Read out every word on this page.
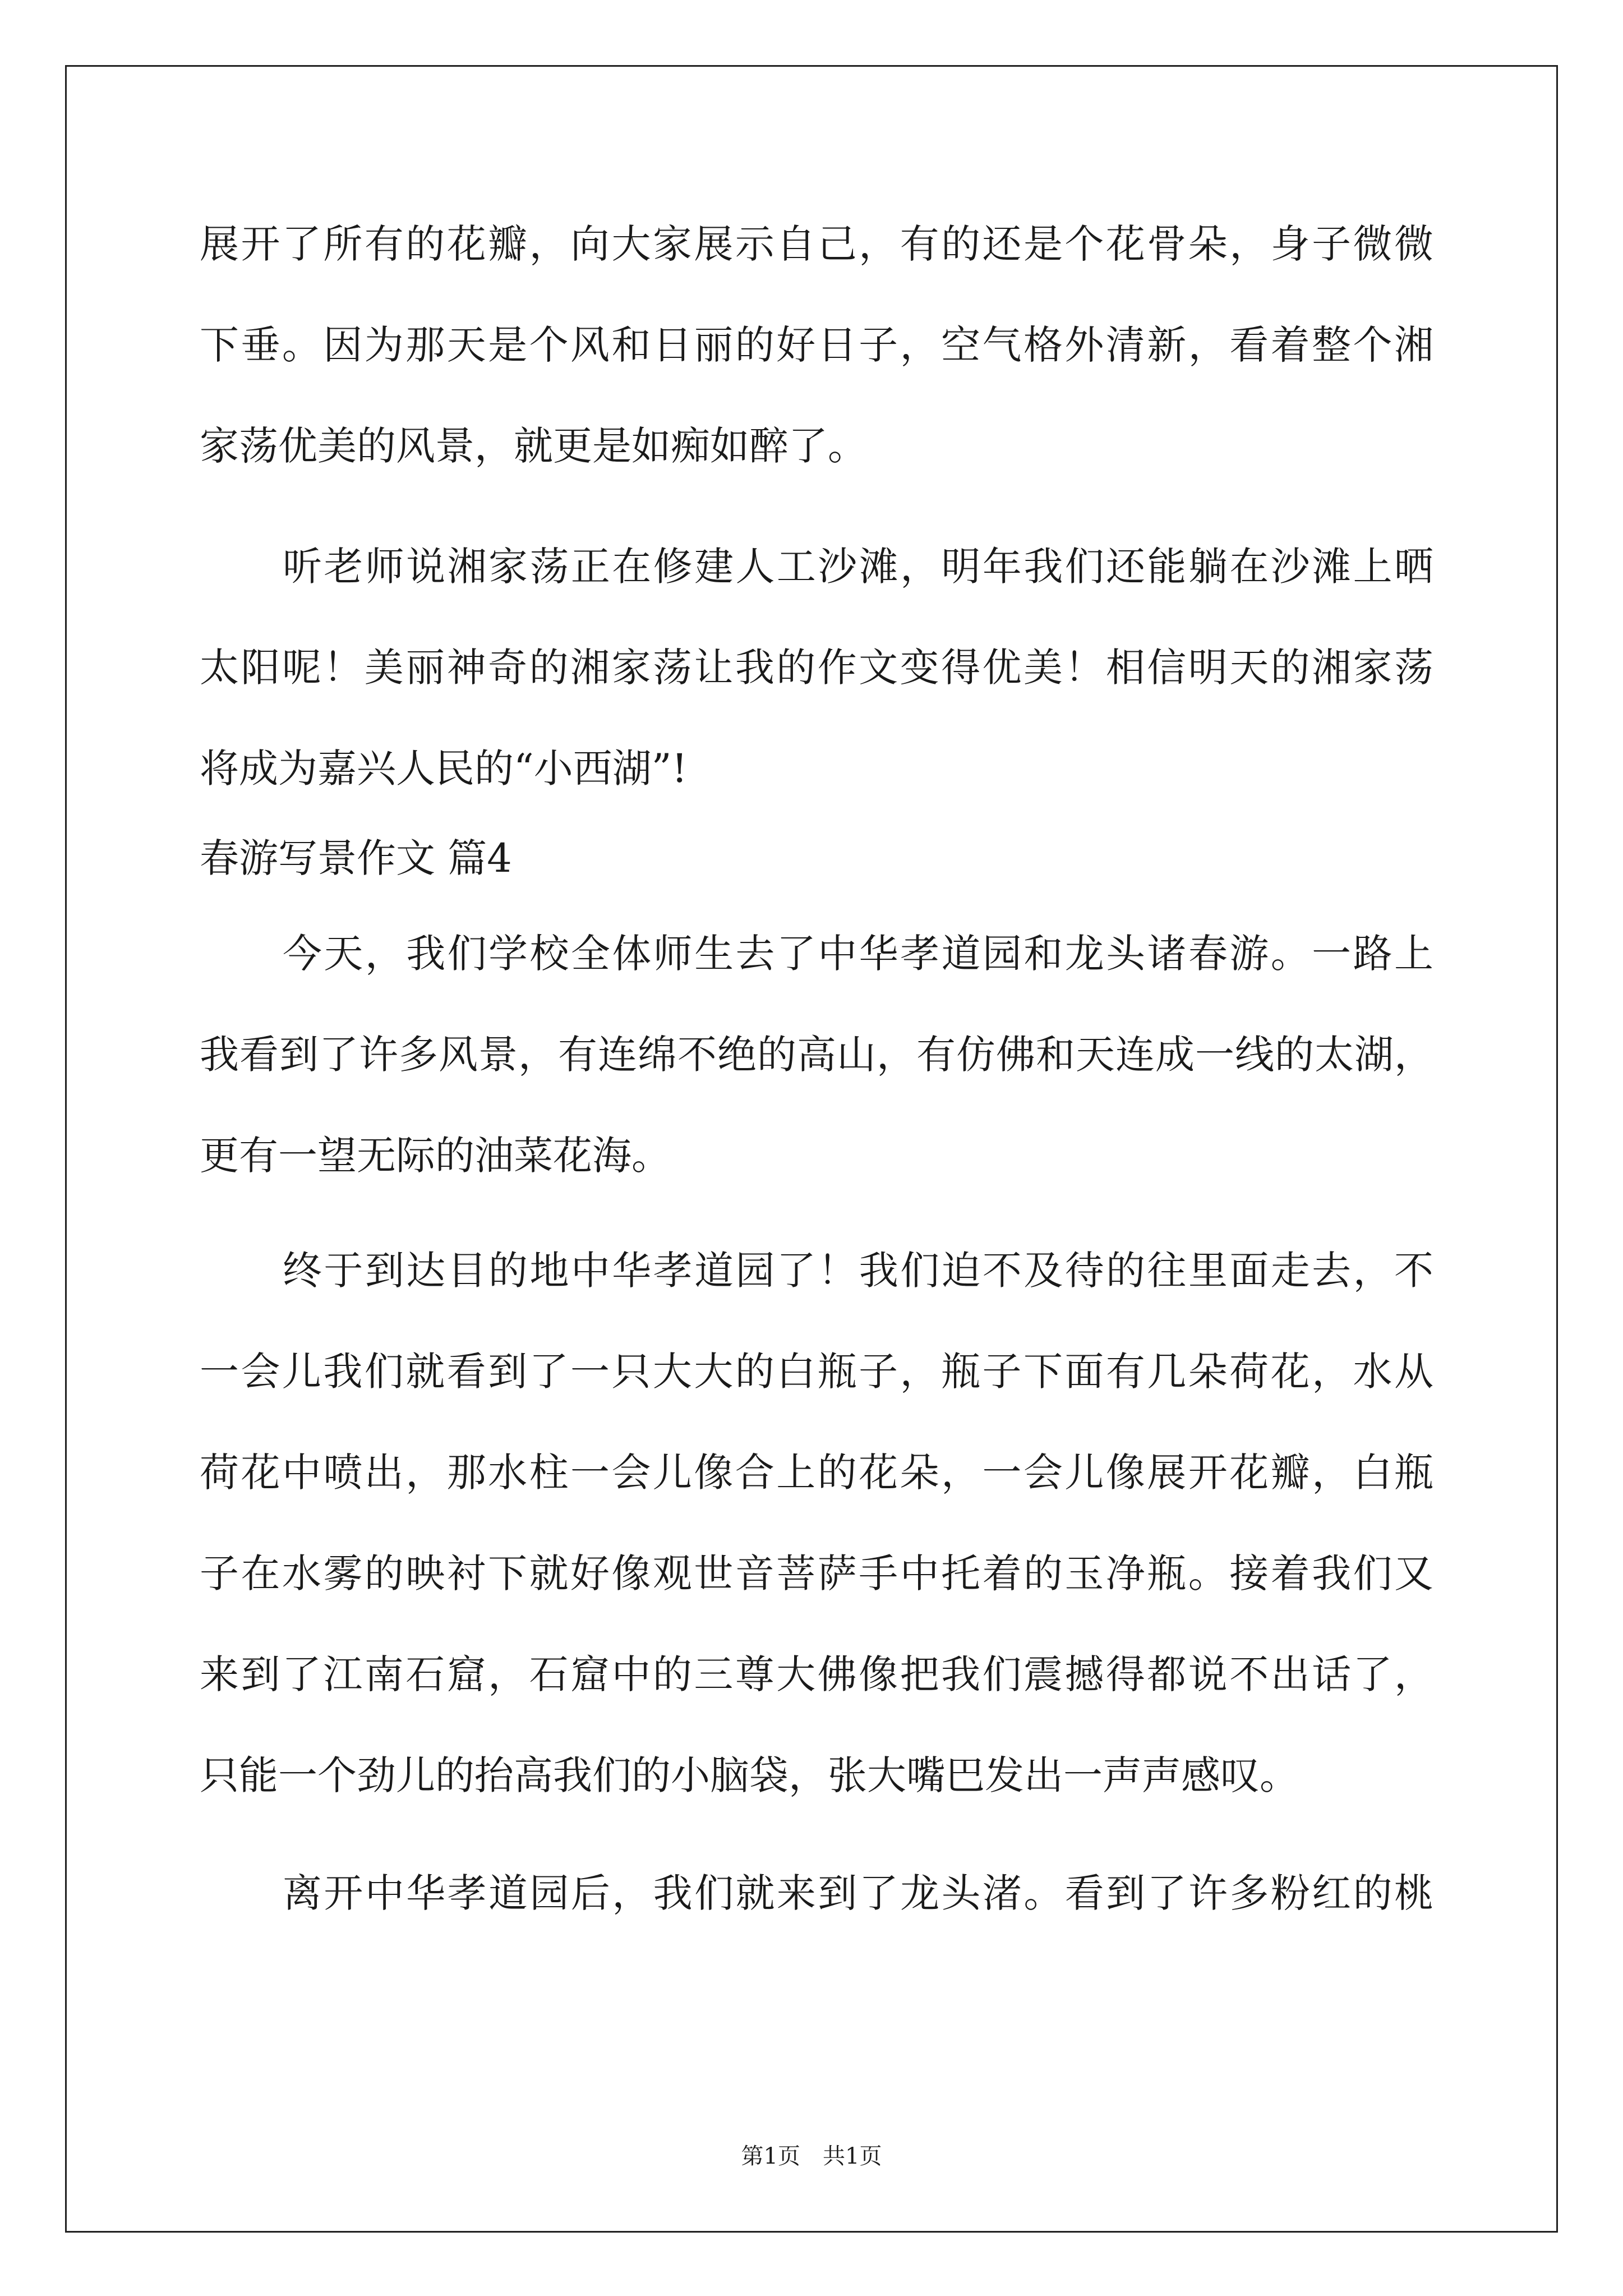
展开了所有的花瓣，向大家展示自己，有的还是个花骨朵，身子微微
下垂。因为那天是个风和日丽的好日子，空气格外清新，看着整个湘
家荡优美的风景，就更是如痴如醉了。
听老师说湘家荡正在修建人工沙滩，明年我们还能躺在沙滩上晒
太阳呢！美丽神奇的湘家荡让我的作文变得优美！相信明天的湘家荡
将成为嘉兴人民的“小西湖”!
春游写景作文 篇4
今天，我们学校全体师生去了中华孝道园和龙头诸春游。一路上
我看到了许多风景，有连绵不绝的高山，有仿佛和天连成一线的太湖，
更有一望无际的油菜花海。
终于到达目的地中华孝道园了！我们迫不及待的往里面走去，不
一会儿我们就看到了一只大大的白瓶子，瓶子下面有几朵荷花，水从
荷花中喷出，那水柱一会儿像合上的花朵，一会儿像展开花瓣，白瓶
子在水雾的映衬下就好像观世音菩萨手中托着的玉净瓶。接着我们又
来到了江南石窟，石窟中的三尊大佛像把我们震撼得都说不出话了，
只能一个劲儿的抬高我们的小脑袋，张大嘴巴发出一声声感叹。
离开中华孝道园后，我们就来到了龙头渚。看到了许多粉红的桃
第1页　共1页
